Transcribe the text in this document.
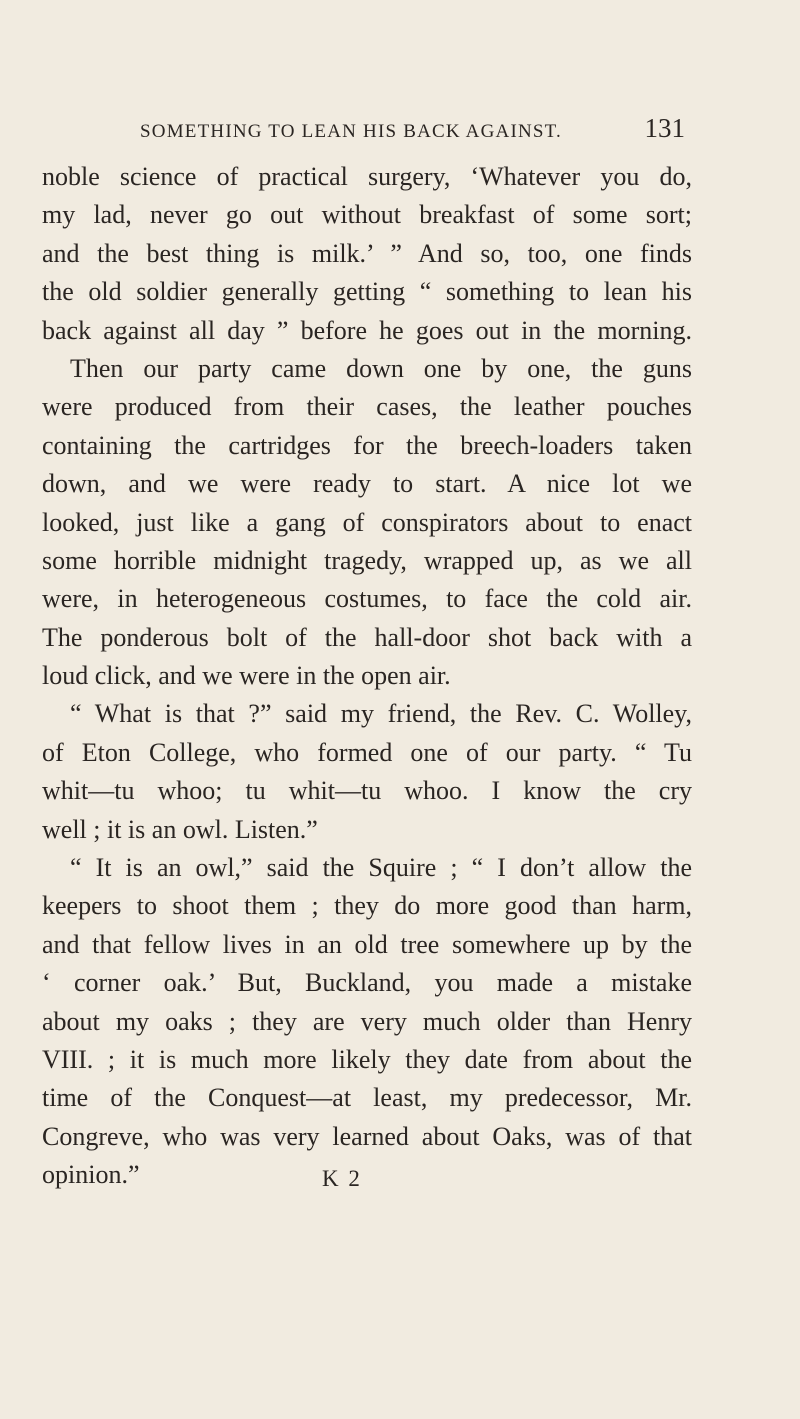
SOMETHING TO LEAN HIS BACK AGAINST.	131
noble science of practical surgery, ‘Whatever you do,
my lad, never go out without breakfast of some sort;
and the best thing is milk.’ ” And so, too, one finds
the old soldier generally getting “ something to lean his
back against all day ” before he goes out in the morning.
Then our party came down one by one, the guns
were produced from their cases, the leather pouches
containing the cartridges for the breech-loaders taken
down, and we were ready to start. A nice lot we
looked, just like a gang of conspirators about to enact
some horrible midnight tragedy, wrapped up, as we all
were, in heterogeneous costumes, to face the cold air.
The ponderous bolt of the hall-door shot back with a
loud click, and we were in the open air.
“ What is that ?” said my friend, the Rev. C. Wolley,
of Eton College, who formed one of our party. “ Tu
whit—tu whoo; tu whit—tu whoo. I know the cry
well ; it is an owl. Listen.”
“ It is an owl,” said the Squire ; “ I don’t allow the
keepers to shoot them ; they do more good than harm,
and that fellow lives in an old tree somewhere up by the
‘ corner oak.’ But, Buckland, you made a mistake
about my oaks ; they are very much older than Henry
VIII. ; it is much more likely they date from about the
time of the Conquest—at least, my predecessor, Mr.
Congreve, who was very learned about Oaks, was of that
opinion.”	K 2
